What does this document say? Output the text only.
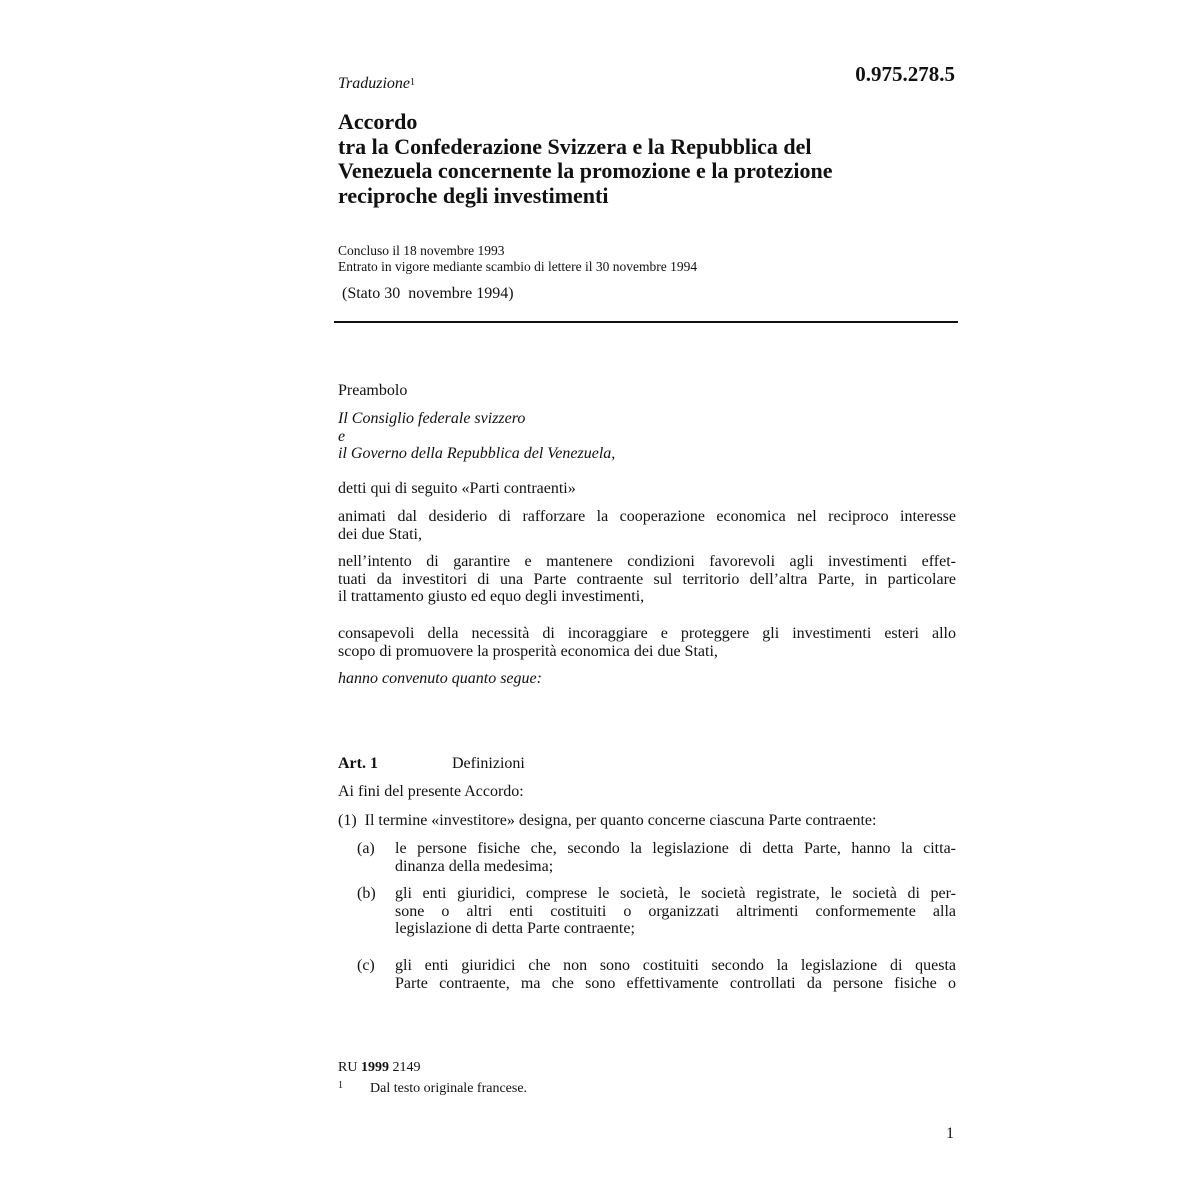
Traduzione$^1$	0.975.278.5
Accordo
tra la Confederazione Svizzera e la Repubblica del
Venezuela concernente la promozione e la protezione
reciproche degli investimenti
Concluso il 18 novembre 1993
Entrato in vigore mediante scambio di lettere il 30 novembre 1994
(Stato 30  novembre 1994)
Preambolo
Il Consiglio federale svizzero
e
il Governo della Repubblica del Venezuela,
detti qui di seguito «Parti contraenti»
animati dal desiderio di rafforzare la cooperazione economica nel reciproco interesse
dei due Stati,
nell’intento di garantire e mantenere condizioni favorevoli agli investimenti effet-
tuati da investitori di una Parte contraente sul territorio dell’altra Parte, in particolare
il trattamento giusto ed equo degli investimenti,
consapevoli della necessità di incoraggiare e proteggere gli investimenti esteri allo
scopo di promuovere la prosperità economica dei due Stati,
hanno convenuto quanto segue:
Art. 1	Definizioni
Ai fini del presente Accordo:
(1)  Il termine «investitore» designa, per quanto concerne ciascuna Parte contraente:
(a) le persone fisiche che, secondo la legislazione di detta Parte, hanno la citta-
dinanza della medesima;
(b) gli enti giuridici, comprese le società, le società registrate, le società di per-
sone o altri enti costituiti o organizzati altrimenti conformemente alla
legislazione di detta Parte contraente;
(c) gli enti giuridici che non sono costituiti secondo la legislazione di questa
Parte contraente, ma che sono effettivamente controllati da persone fisiche o
RU 1999 2149
1 Dal testo originale francese.
1
